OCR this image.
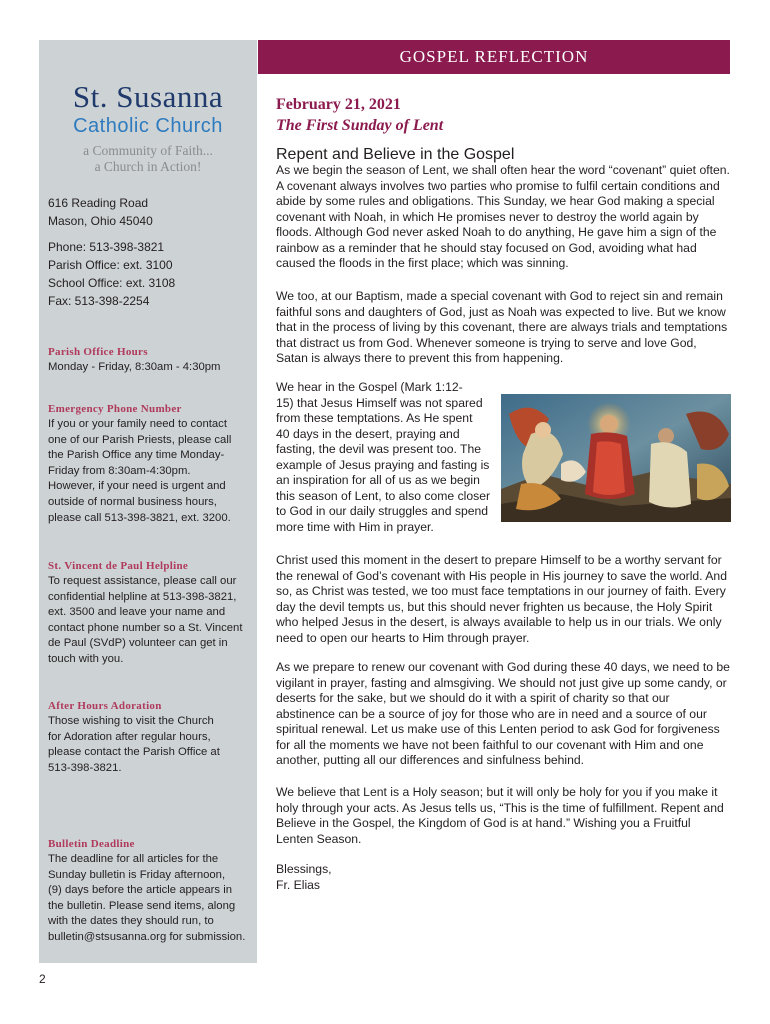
St. Susanna
Catholic Church
a Community of Faith...
a Church in Action!
616 Reading Road
Mason, Ohio 45040
Phone: 513-398-3821
Parish Office: ext. 3100
School Office: ext. 3108
Fax: 513-398-2254
Parish Office Hours
Monday - Friday, 8:30am - 4:30pm
Emergency Phone Number
If you or your family need to contact
one of our Parish Priests, please call
the Parish Office any time Monday-
Friday from 8:30am-4:30pm.
However, if your need is urgent and
outside of normal business hours,
please call 513-398-3821, ext. 3200.
St. Vincent de Paul Helpline
To request assistance, please call our
confidential helpline at 513-398-3821,
ext. 3500 and leave your name and
contact phone number so a St. Vincent
de Paul (SVdP) volunteer can get in
touch with you.
After Hours Adoration
Those wishing to visit the Church
for Adoration after regular hours,
please contact the Parish Office at
513-398-3821.
Bulletin Deadline
The deadline for all articles for the
Sunday bulletin is Friday afternoon,
(9) days before the article appears in
the bulletin. Please send items, along
with the dates they should run, to
bulletin@stsusanna.org for submission.
2
GOSPEL REFLECTION
February 21, 2021
The First Sunday of Lent
Repent and Believe in the Gospel

As we begin the season of Lent, we shall often hear the word “covenant” quiet often. A covenant always involves two parties who promise to fulfil certain conditions and abide by some rules and obligations. This Sunday, we hear God making a special covenant with Noah, in which He promises never to destroy the world again by floods. Although God never asked Noah to do anything, He gave him a sign of the rainbow as a reminder that he should stay focused on God, avoiding what had caused the floods in the first place; which was sinning.

We too, at our Baptism, made a special covenant with God to reject sin and remain faithful sons and daughters of God, just as Noah was expected to live. But we know that in the process of living by this covenant, there are always trials and temptations that distract us from God. Whenever someone is trying to serve and love God, Satan is always there to prevent this from happening.

We hear in the Gospel (Mark 1:12-
15) that Jesus Himself was not spared
from these temptations. As He spent
40 days in the desert, praying and
fasting, the devil was present too. The
example of Jesus praying and fasting is
an inspiration for all of us as we begin
this season of Lent, to also come closer
to God in our daily struggles and spend
more time with Him in prayer.

Christ used this moment in the desert to prepare Himself to be a worthy servant for the renewal of God’s covenant with His people in His journey to save the world. And so, as Christ was tested, we too must face temptations in our journey of faith. Every day the devil tempts us, but this should never frighten us because, the Holy Spirit who helped Jesus in the desert, is always available to help us in our trials. We only need to open our hearts to Him through prayer.

As we prepare to renew our covenant with God during these 40 days, we need to be vigilant in prayer, fasting and almsgiving. We should not just give up some candy, or deserts for the sake, but we should do it with a spirit of charity so that our abstinence can be a source of joy for those who are in need and a source of our spiritual renewal. Let us make use of this Lenten period to ask God for forgiveness for all the moments we have not been faithful to our covenant with Him and one another, putting all our differences and sinfulness behind.

We believe that Lent is a Holy season; but it will only be holy for you if you make it holy through your acts. As Jesus tells us, “This is the time of fulfillment. Repent and Believe in the Gospel, the Kingdom of God is at hand.” Wishing you a Fruitful Lenten Season.

Blessings,
Fr. Elias
